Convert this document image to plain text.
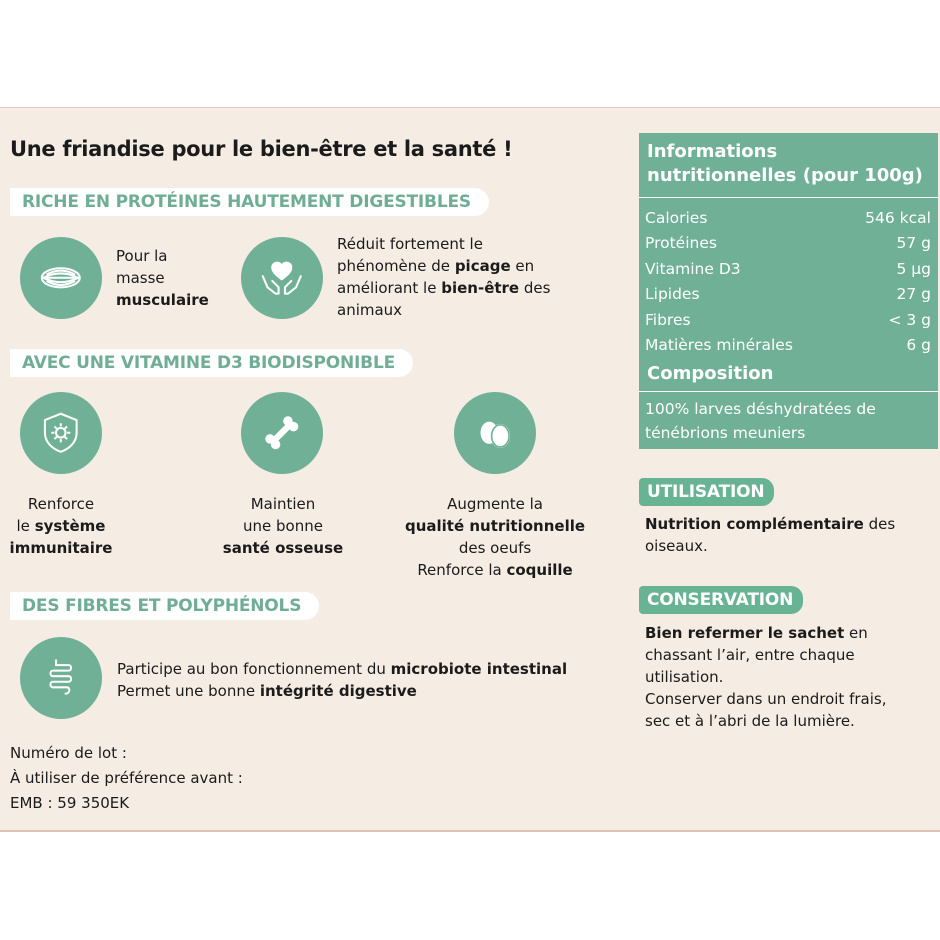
Une friandise pour le bien-être et la santé !
RICHE EN PROTÉINES HAUTEMENT DIGESTIBLES
Pour la
masse
musculaire
Réduit fortement le
phénomène de picage en
améliorant le bien-être des
animaux
AVEC UNE VITAMINE D3 BIODISPONIBLE
Renforce
le système
immunitaire
Maintien
une bonne
santé osseuse
Augmente la
qualité nutritionnelle
des oeufs
Renforce la coquille
DES FIBRES ET POLYPHÉNOLS
Participe au bon fonctionnement du microbiote intestinal
Permet une bonne intégrité digestive
Numéro de lot :
À utiliser de préférence avant :
EMB : 59 350EK
Informations
nutritionnelles (pour 100g)
Calories	546 kcal
Protéines	57 g
Vitamine D3	5 µg
Lipides	27 g
Fibres	< 3 g
Matières minérales	6 g
Composition
100% larves déshydratées de
ténébrions meuniers
UTILISATION
Nutrition complémentaire des
oiseaux.
CONSERVATION
Bien refermer le sachet en
chassant l’air, entre chaque
utilisation.
Conserver dans un endroit frais,
sec et à l’abri de la lumière.
